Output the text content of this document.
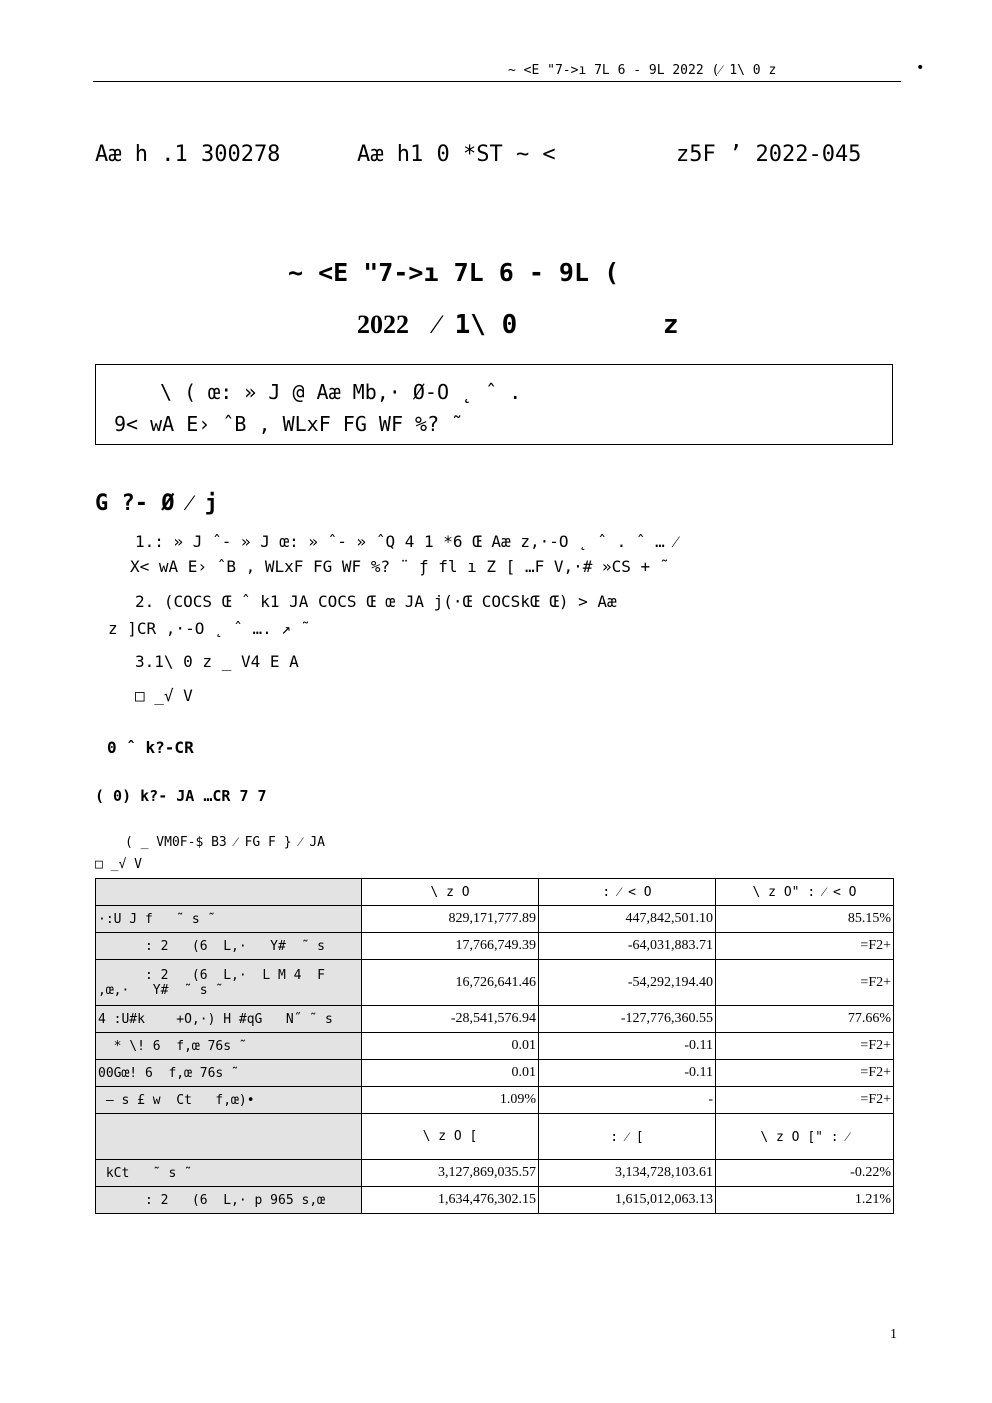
~ <E "7->ı 7L 6 - 9L 2022 (⁄ 1\ 0 z	•
Aæ h .1 300278	Aæ h1 0 *ST ~ <	z5F ’ 2022-045
~ <E "7->ı 7L 6 - 9L (
2022 ⁄ 1\ 0	z
\ ( œ: » J @ Aæ Mb,· Ø-O ˛ ˆ .
9< wA E› ˆB , WLxF FG WF %? ˜
G ?- Ø ⁄ j
1.: » J ˆ- » J œ: » ˆ- » ˆQ 4 1 *6 Œ Aæ z,·-O ˛ ˆ . ˆ … ⁄
X< wA E› ˆB , WLxF FG WF %? ¨ ƒ fl ı Z [ …F V,·# »CS + ˜
2. (COCS Œ ˆ k1 JA COCS Œ œ JA j(·Œ COCSkŒ Œ) > Aæ
z ]CR ,·-O ˛ ˆ …. ↗ ˜
3.1\ 0 z _ V4 E A
□ _√ V
0 ˆ k?-CR
( 0) k?- JA …CR 7 7
( _ VM0F-$ B3 ⁄ FG F } ⁄ JA
□ _√ V
	\ z O	: ⁄ < O	\ z O" : ⁄ < O
·:U J f   ˜ s ˜	829,171,777.89	447,842,501.10	85.15%
: 2   (6  L,·   Y#  ˜ s	17,766,749.39	-64,031,883.71	=F2+
: 2   (6  L,·  L M 4  F
,œ,·   Y#  ˜ s ˜	16,726,641.46	-54,292,194.40	=F2+
4 :U#k    +O,·) H #qG   N˝ ˜ s	-28,541,576.94	-127,776,360.55	77.66%
* \! 6  f,œ 76s ˜	0.01	-0.11	=F2+
00Gœ! 6  f,œ 76s ˜	0.01	-0.11	=F2+
— s £ w  Ct   f,œ)•	1.09%	-	=F2+
	\ z O [	: ⁄ [	\ z O [" : ⁄
kCt   ˜ s ˜	3,127,869,035.57	3,134,728,103.61	-0.22%
: 2   (6  L,· p 965 s,œ	1,634,476,302.15	1,615,012,063.13	1.21%
1
